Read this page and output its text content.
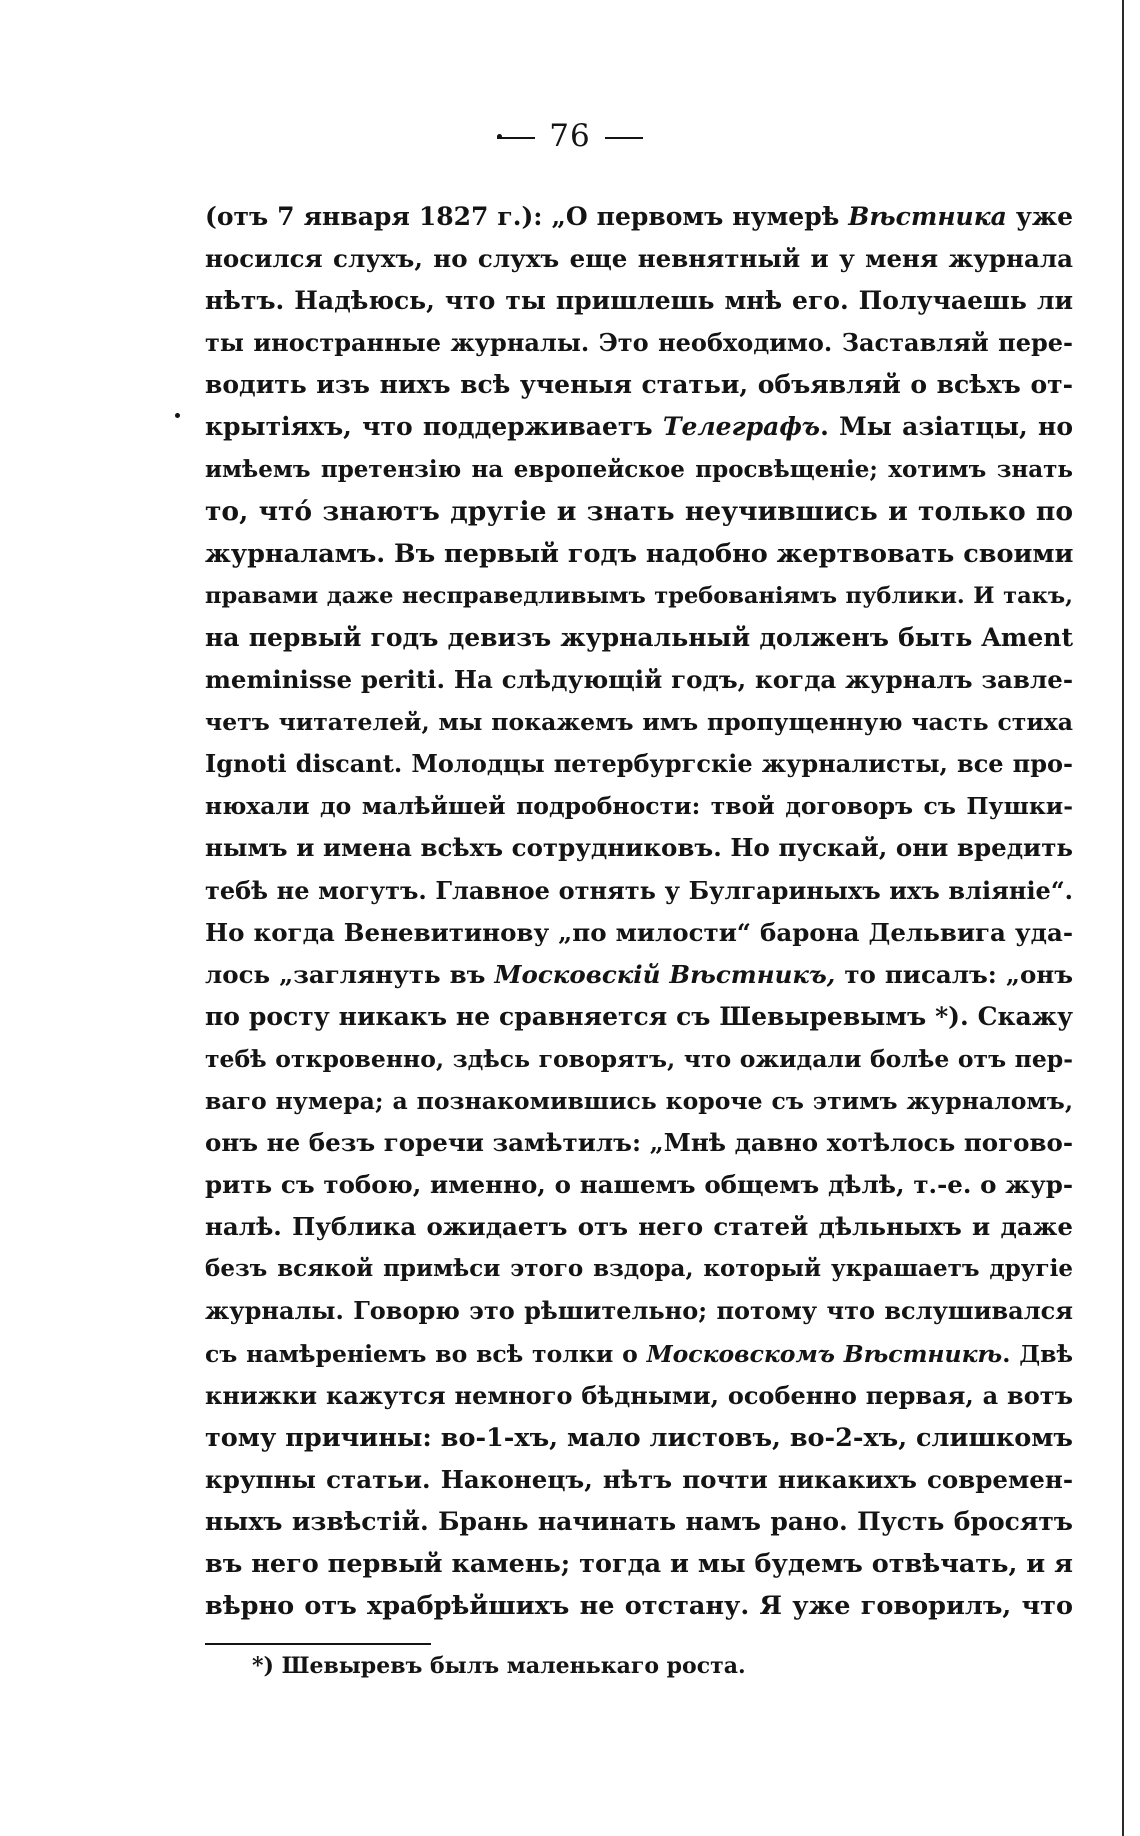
76
(отъ 7 января 1827 г.): „О первомъ нумерѣ Вѣстника уже
носился слухъ, но слухъ еще невнятный и у меня журнала
нѣтъ. Надѣюсь, что ты пришлешь мнѣ его. Получаешь ли
ты иностранные журналы. Это необходимо. Заставляй пере-
водить изъ нихъ всѣ ученыя статьи, объявляй о всѣхъ от-
крытіяхъ, что поддерживаетъ Телеграфъ. Мы азіатцы, но
имѣемъ претензію на европейское просвѣщеніе; хотимъ знать
то, чтó знаютъ другіе и знать неучившись и только по
журналамъ. Въ первый годъ надобно жертвовать своими
правами даже несправедливымъ требованіямъ публики. И такъ,
на первый годъ девизъ журнальный долженъ быть Ament
meminisse periti. На слѣдующій годъ, когда журналъ завле-
четъ читателей, мы покажемъ имъ пропущенную часть стиха
Ignoti discant. Молодцы петербургскіе журналисты, все про-
нюхали до малѣйшей подробности: твой договоръ съ Пушки-
нымъ и имена всѣхъ сотрудниковъ. Но пускай, они вредить
тебѣ не могутъ. Главное отнять у Булгариныхъ ихъ вліяніе“.
Но когда Веневитинову „по милости“ барона Дельвига уда-
лось „заглянуть въ Московскій Вѣстникъ, то писалъ: „онъ
по росту никакъ не сравняется съ Шевыревымъ *). Скажу
тебѣ откровенно, здѣсь говорятъ, что ожидали болѣе отъ пер-
ваго нумера; а познакомившись короче съ этимъ журналомъ,
онъ не безъ горечи замѣтилъ: „Мнѣ давно хотѣлось погово-
рить съ тобою, именно, о нашемъ общемъ дѣлѣ, т.-е. о жур-
налѣ. Публика ожидаетъ отъ него статей дѣльныхъ и даже
безъ всякой примѣси этого вздора, который украшаетъ другіе
журналы. Говорю это рѣшительно; потому что вслушивался
съ намѣреніемъ во всѣ толки о Московскомъ Вѣстникѣ. Двѣ
книжки кажутся немного бѣдными, особенно первая, а вотъ
тому причины: во-1-хъ, мало листовъ, во-2-хъ, слишкомъ
крупны статьи. Наконецъ, нѣтъ почти никакихъ современ-
ныхъ извѣстій. Брань начинать намъ рано. Пусть бросятъ
въ него первый камень; тогда и мы будемъ отвѣчать, и я
вѣрно отъ храбрѣйшихъ не отстану. Я уже говорилъ, что
*) Шевыревъ былъ маленькаго роста.
